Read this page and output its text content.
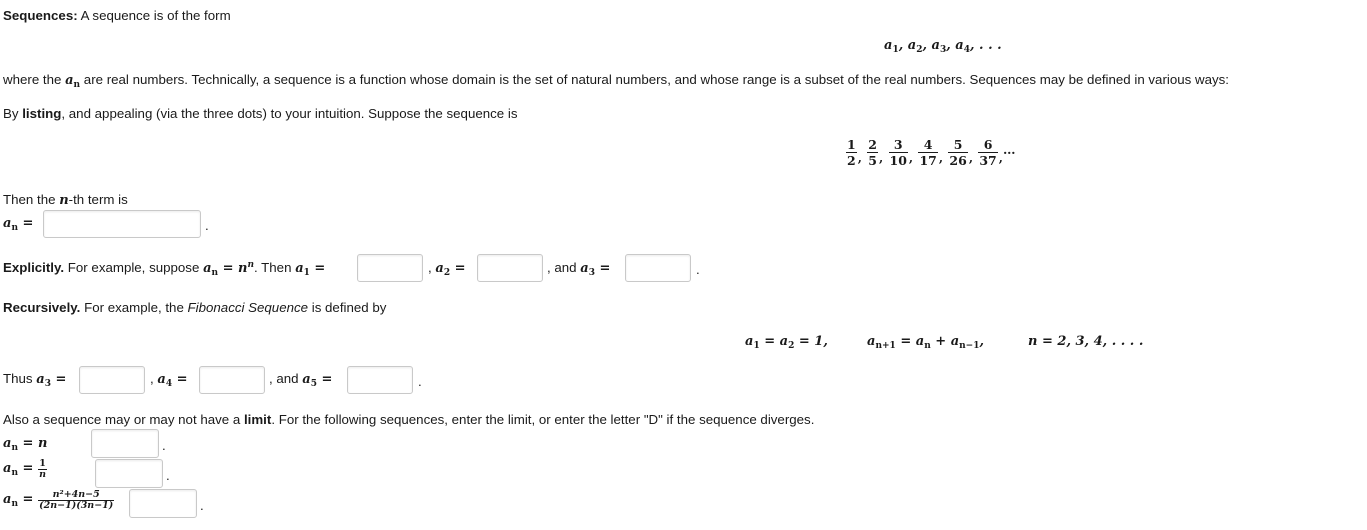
Sequences: A sequence is of the form
$a_1$, $a_2$, $a_3$, $a_4$, . . .
where the $a_n$ are real numbers. Technically, a sequence is a function whose domain is the set of natural numbers, and whose range is a subset of the real numbers. Sequences may be defined in various ways:
By listing, and appealing (via the three dots) to your intuition. Suppose the sequence is
$\frac{1}{2}$ , $\frac{2}{5}$ , $\frac{3}{10}$ , $\frac{4}{17}$ , $\frac{5}{26}$ , $\frac{6}{37}$ ,…
Then the n-th term is
$a_n$ =	.
Explicitly. For example, suppose $a_n = n^n$. Then $a_1$ =	, $a_2$ =	, and $a_3$ =	.
Recursively. For example, the Fibonacci Sequence is defined by
$a_1 = a_2 = 1$,	$a_{n+1} = a_n + a_{n-1}$,	n = 2, 3, 4, . . . .
Thus $a_3$ =	, $a_4$ =	, and $a_5$ =	.
Also a sequence may or may not have a limit. For the following sequences, enter the limit, or enter the letter "D" if the sequence diverges.
$a_n = n$	.
$a_n = \frac{1}{n}$	.
$a_n = \frac{\text{n²+4n−5}}{(2n-1)(3n-1)}$	.
